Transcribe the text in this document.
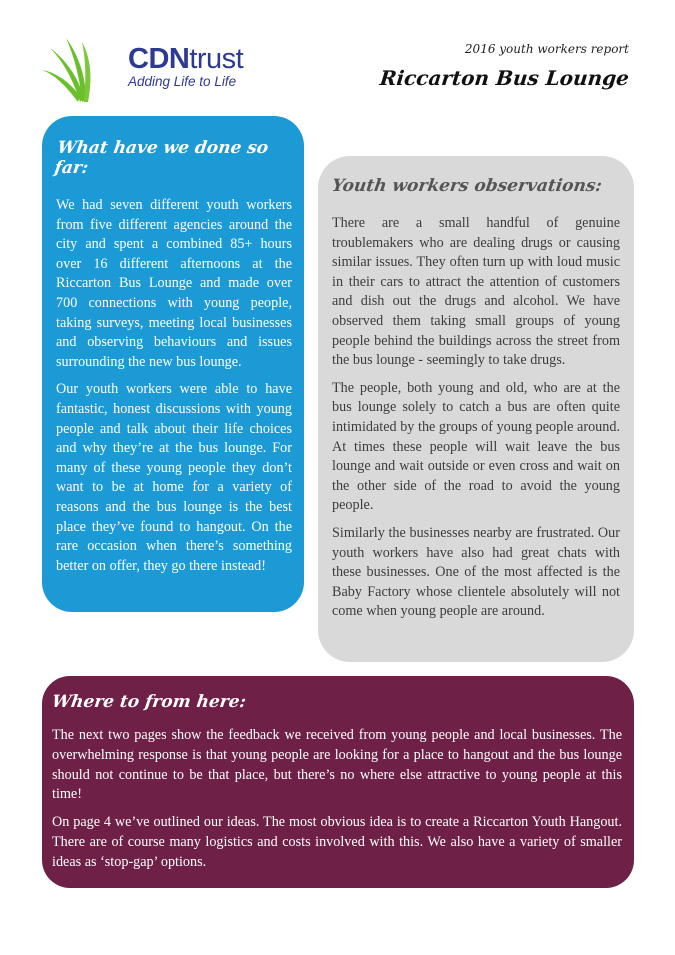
CDNtrust
Adding Life to Life
2016 youth workers report
Riccarton Bus Lounge
What have we done so far:

We had seven different youth workers from five different agencies around the city and spent a combined 85+ hours over 16 different afternoons at the Riccarton Bus Lounge and made over 700 connections with young people, taking surveys, meeting local businesses and observing behaviours and issues surrounding the new bus lounge.

Our youth workers were able to have fantastic, honest discussions with young people and talk about their life choices and why they’re at the bus lounge. For many of these young people they don’t want to be at home for a variety of reasons and the bus lounge is the best place they’ve found to hangout. On the rare occasion when there’s something better on offer, they go there instead!

Youth workers observations:

There are a small handful of genuine troublemakers who are dealing drugs or causing similar issues. They often turn up with loud music in their cars to attract the attention of customers and dish out the drugs and alcohol. We have observed them taking small groups of young people behind the buildings across the street from the bus lounge - seemingly to take drugs.

The people, both young and old, who are at the bus lounge solely to catch a bus are often quite intimidated by the groups of young people around. At times these people will wait leave the bus lounge and wait outside or even cross and wait on the other side of the road to avoid the young people.

Similarly the businesses nearby are frustrated. Our youth workers have also had great chats with these businesses. One of the most affected is the Baby Factory whose clientele absolutely will not come when young people are around.

Where to from here:

The next two pages show the feedback we received from young people and local businesses. The overwhelming response is that young people are looking for a place to hangout and the bus lounge should not continue to be that place, but there’s no where else attractive to young people at this time!

On page 4 we’ve outlined our ideas. The most obvious idea is to create a Riccarton Youth Hangout. There are of course many logistics and costs involved with this. We also have a variety of smaller ideas as ‘stop-gap’ options.
